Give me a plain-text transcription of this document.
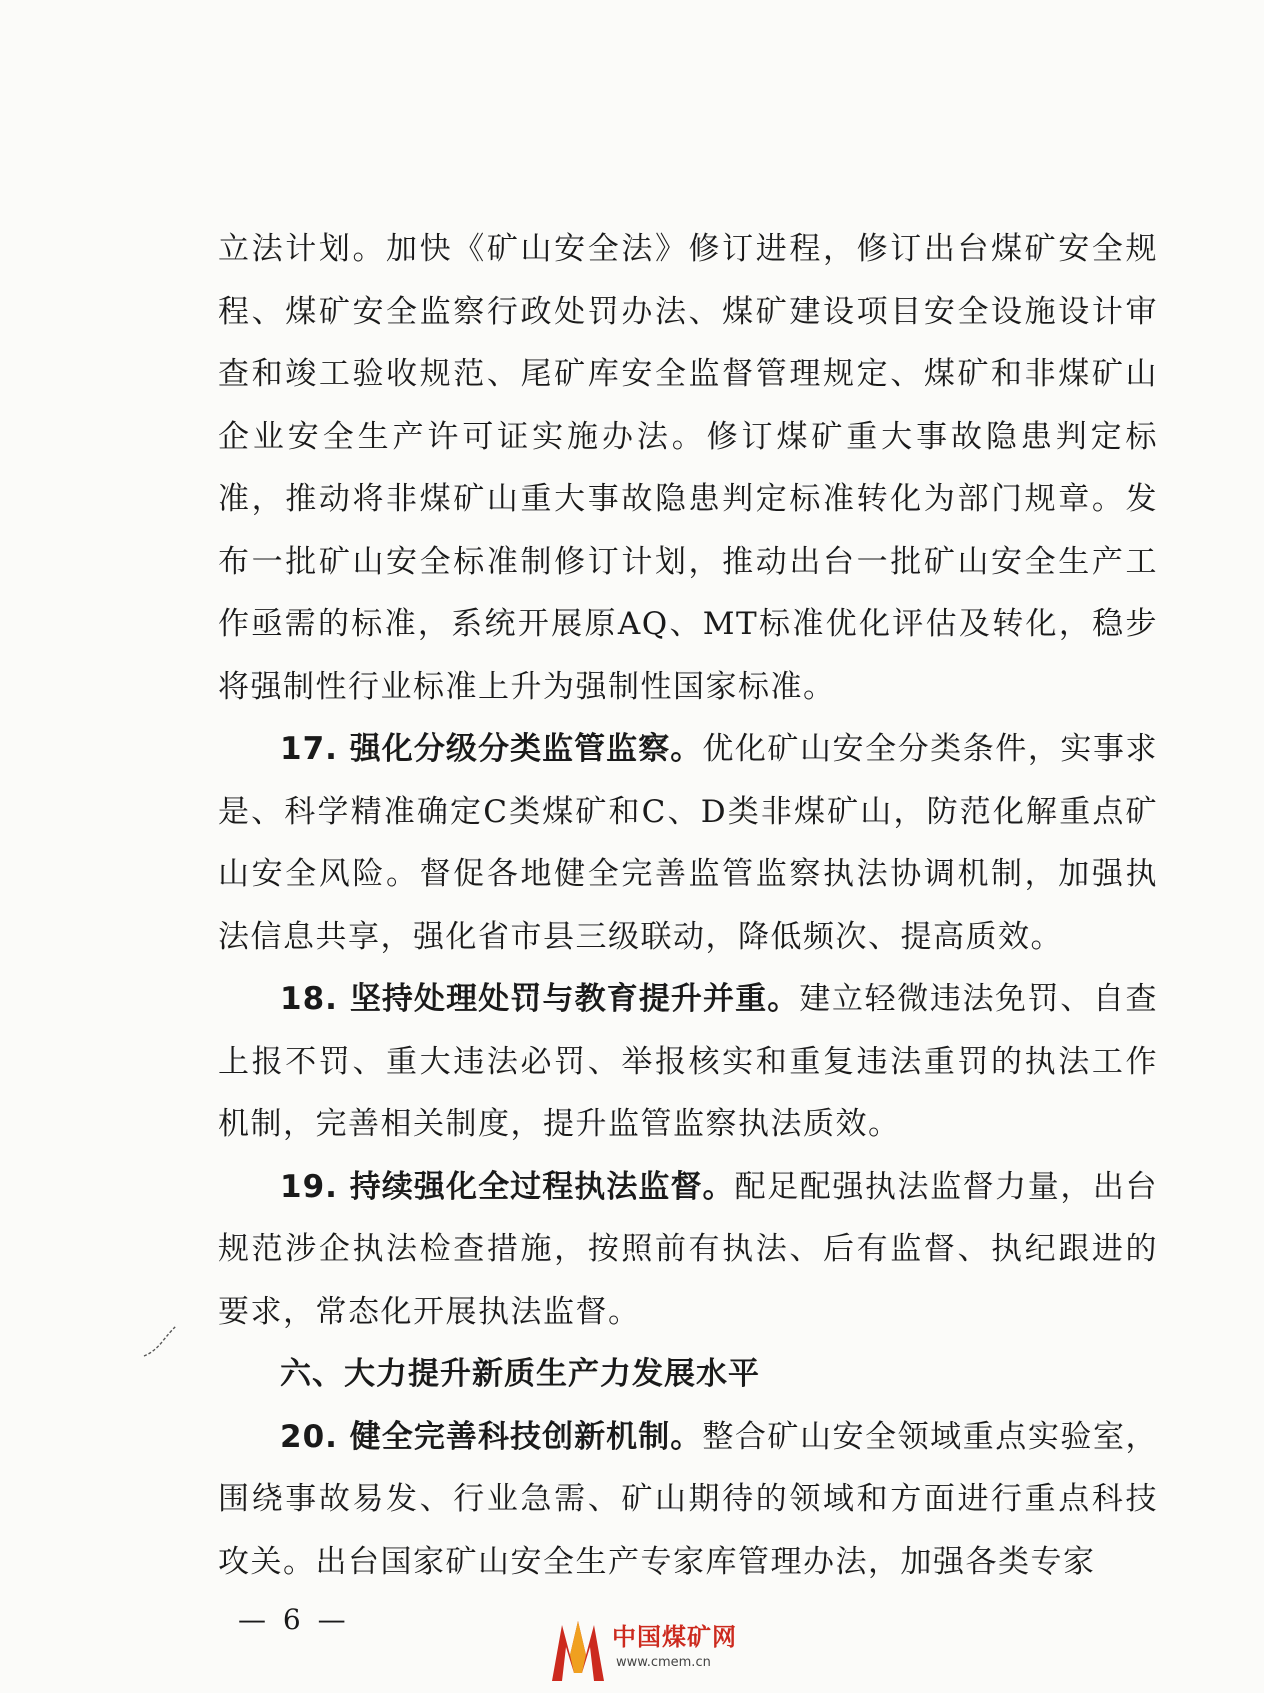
立法计划。加快《矿山安全法》修订进程，修订出台煤矿安全规程、煤矿安全监察行政处罚办法、煤矿建设项目安全设施设计审查和竣工验收规范、尾矿库安全监督管理规定、煤矿和非煤矿山企业安全生产许可证实施办法。修订煤矿重大事故隐患判定标准，推动将非煤矿山重大事故隐患判定标准转化为部门规章。发布一批矿山安全标准制修订计划，推动出台一批矿山安全生产工作亟需的标准，系统开展原AQ、MT标准优化评估及转化，稳步将强制性行业标准上升为强制性国家标准。

17. 强化分级分类监管监察。优化矿山安全分类条件，实事求是、科学精准确定C类煤矿和C、D类非煤矿山，防范化解重点矿山安全风险。督促各地健全完善监管监察执法协调机制，加强执法信息共享，强化省市县三级联动，降低频次、提高质效。

18. 坚持处理处罚与教育提升并重。建立轻微违法免罚、自查上报不罚、重大违法必罚、举报核实和重复违法重罚的执法工作机制，完善相关制度，提升监管监察执法质效。

19. 持续强化全过程执法监督。配足配强执法监督力量，出台规范涉企执法检查措施，按照前有执法、后有监督、执纪跟进的要求，常态化开展执法监督。

六、大力提升新质生产力发展水平

20. 健全完善科技创新机制。整合矿山安全领域重点实验室，围绕事故易发、行业急需、矿山期待的领域和方面进行重点科技攻关。出台国家矿山安全生产专家库管理办法，加强各类专家

— 6 —
中国煤矿网
www.cmem.cn
